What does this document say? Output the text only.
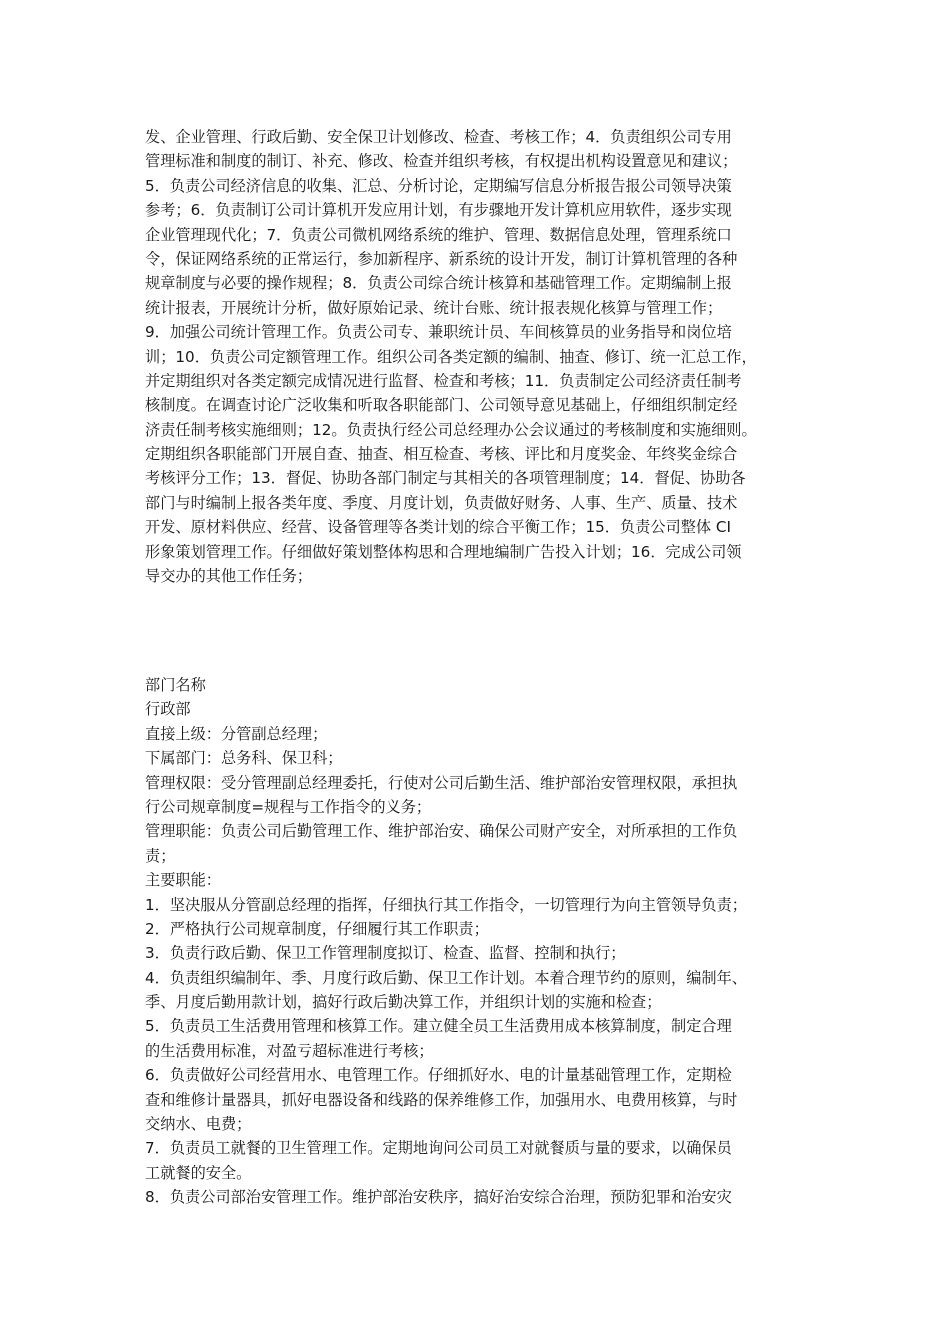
发、企业管理、行政后勤、安全保卫计划修改、检查、考核工作；4．负责组织公司专用
管理标准和制度的制订、补充、修改、检查并组织考核，有权提出机构设置意见和建议；
5．负责公司经济信息的收集、汇总、分析讨论，定期编写信息分析报告报公司领导决策
参考；6．负责制订公司计算机开发应用计划，有步骤地开发计算机应用软件，逐步实现
企业管理现代化；7．负责公司微机网络系统的维护、管理、数据信息处理，管理系统口
令，保证网络系统的正常运行，参加新程序、新系统的设计开发，制订计算机管理的各种
规章制度与必要的操作规程；8．负责公司综合统计核算和基础管理工作。定期编制上报
统计报表，开展统计分析，做好原始记录、统计台账、统计报表规化核算与管理工作；
9．加强公司统计管理工作。负责公司专、兼职统计员、车间核算员的业务指导和岗位培
训；10．负责公司定额管理工作。组织公司各类定额的编制、抽查、修订、统一汇总工作，
并定期组织对各类定额完成情况进行监督、检查和考核；11．负责制定公司经济责任制考
核制度。在调查讨论广泛收集和听取各职能部门、公司领导意见基础上，仔细组织制定经
济责任制考核实施细则；12。负责执行经公司总经理办公会议通过的考核制度和实施细则。
定期组织各职能部门开展自查、抽查、相互检查、考核、评比和月度奖金、年终奖金综合
考核评分工作；13．督促、协助各部门制定与其相关的各项管理制度；14．督促、协助各
部门与时编制上报各类年度、季度、月度计划，负责做好财务、人事、生产、质量、技术
开发、原材料供应、经营、设备管理等各类计划的综合平衡工作；15．负责公司整体 CI
形象策划管理工作。仔细做好策划整体构思和合理地编制广告投入计划；16．完成公司领
导交办的其他工作任务；
部门名称
行政部
直接上级：分管副总经理；
下属部门：总务科、保卫科；
管理权限：受分管理副总经理委托，行使对公司后勤生活、维护部治安管理权限，承担执
行公司规章制度=规程与工作指令的义务；
管理职能：负责公司后勤管理工作、维护部治安、确保公司财产安全，对所承担的工作负
责；
主要职能：
1．坚决服从分管副总经理的指挥，仔细执行其工作指令，一切管理行为向主管领导负责；
2．严格执行公司规章制度，仔细履行其工作职责；
3．负责行政后勤、保卫工作管理制度拟订、检查、监督、控制和执行；
4．负责组织编制年、季、月度行政后勤、保卫工作计划。本着合理节约的原则，编制年、
季、月度后勤用款计划，搞好行政后勤决算工作，并组织计划的实施和检查；
5．负责员工生活费用管理和核算工作。建立健全员工生活费用成本核算制度，制定合理
的生活费用标准，对盈亏超标准进行考核；
6．负责做好公司经营用水、电管理工作。仔细抓好水、电的计量基础管理工作，定期检
查和维修计量器具，抓好电器设备和线路的保养维修工作，加强用水、电费用核算，与时
交纳水、电费；
7．负责员工就餐的卫生管理工作。定期地询问公司员工对就餐质与量的要求，以确保员
工就餐的安全。
8．负责公司部治安管理工作。维护部治安秩序，搞好治安综合治理，预防犯罪和治安灾
